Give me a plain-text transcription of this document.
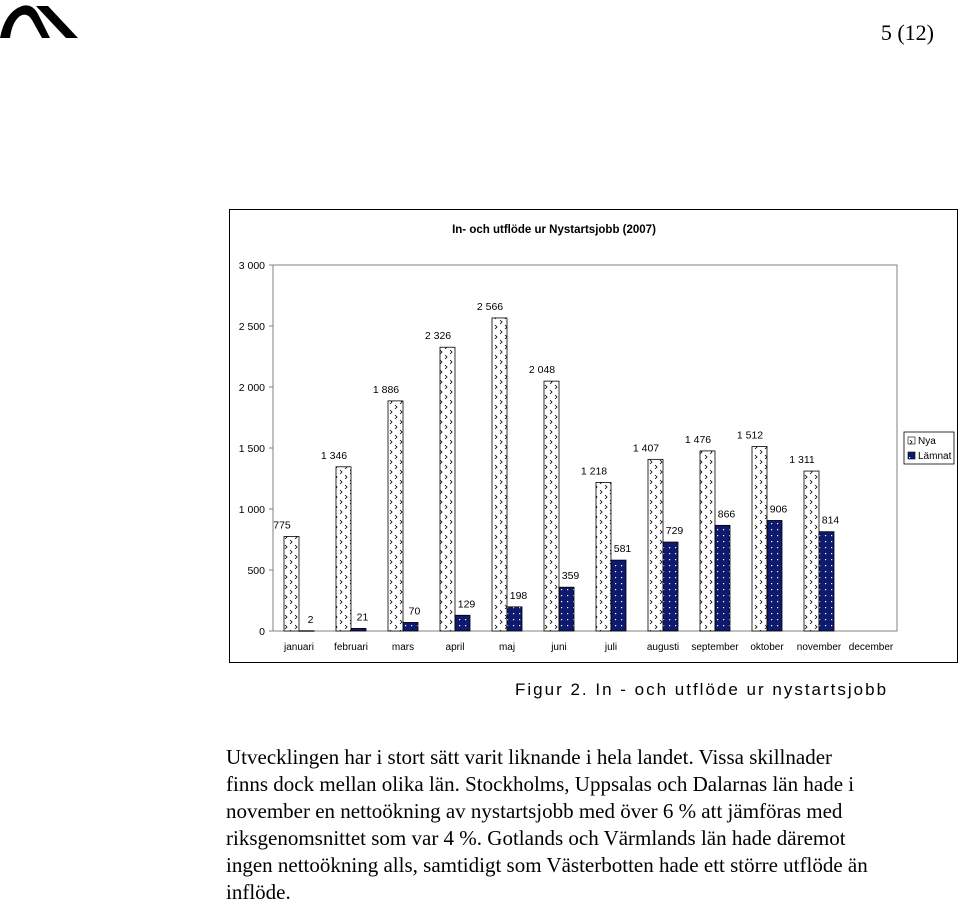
5 (12)
In- och utflöde ur Nystartsjobb (2007)
0
500
1 000
1 500
2 000
2 500
3 000
775
1 346
1 886
2 326
2 566
2 048
1 218
1 407
1 476 1 512
1 311
2	21	70
129
198
359
581
729
866	906
814
januari februari mars	april	maj	juni	juli	augusti september oktober november december
Nya
Lämnat
Figur 2. In - och utflöde ur nystartsjobb

Utvecklingen har i stort sätt varit liknande i hela landet. Vissa skillnader
finns dock mellan olika län. Stockholms, Uppsalas och Dalarnas län hade i
november en nettoökning av nystartsjobb med över 6 % att jämföras med
riksgenomsnittet som var 4 %. Gotlands och Värmlands län hade däremot
ingen nettoökning alls, samtidigt som Västerbotten hade ett större utflöde än
inflöde.
